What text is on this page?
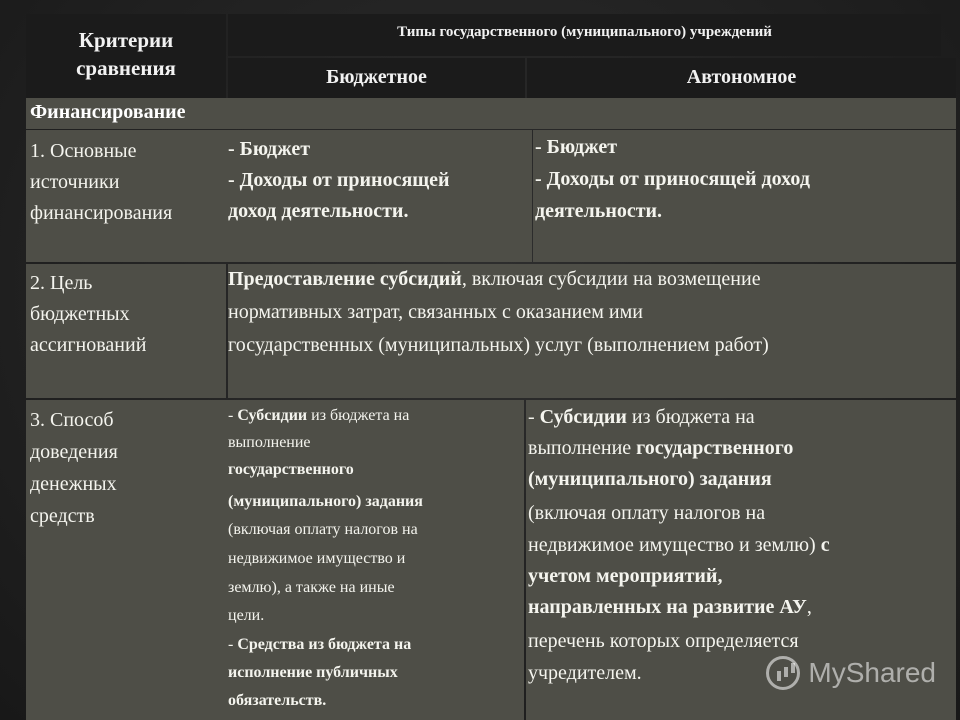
Критерии
сравнения
Типы государственного (муниципального) учреждений
Бюджетное	Автономное
Финансирование
1. Основные
источники
финансирования
- Бюджет
- Доходы от приносящей
доход деятельности.
- Бюджет
- Доходы от приносящей доход
деятельности.
2. Цель
бюджетных
ассигнований
Предоставление субсидий, включая субсидии на возмещение
нормативных затрат, связанных с оказанием ими
государственных (муниципальных) услуг (выполнением работ)
3. Способ
доведения
денежных
средств
- Субсидии из бюджета на
выполнение
государственного
(муниципального) задания
(включая оплату налогов на
недвижимое имущество и
землю), а также на иные
цели.
- Средства из бюджета на
исполнение публичных
обязательств.
- Субсидии из бюджета на
выполнение государственного
(муниципального) задания
(включая оплату налогов на
недвижимое имущество и землю) с
учетом мероприятий,
направленных на развитие АУ,
перечень которых определяется
учредителем.	MyShared
